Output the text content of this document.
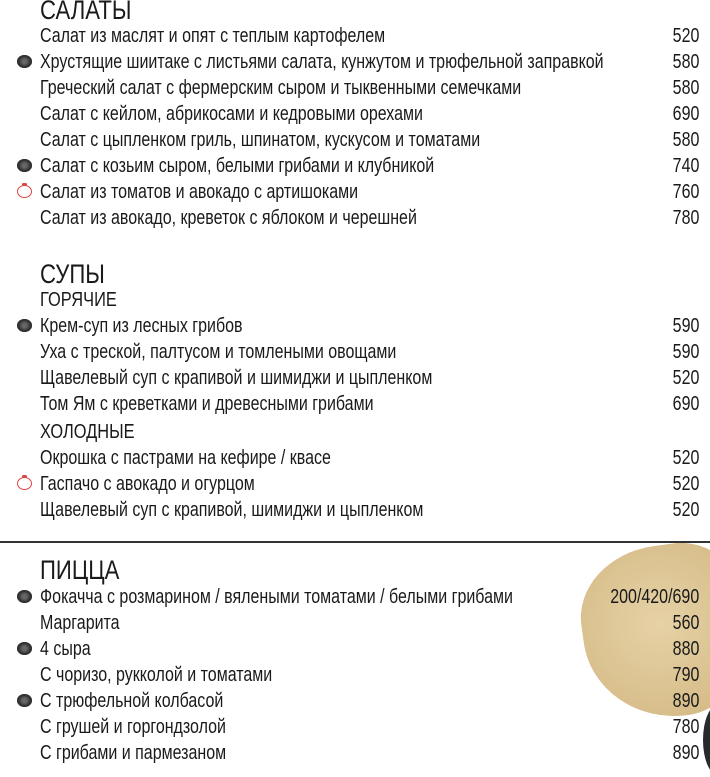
САЛАТЫ
Салат из маслят и опят с теплым картофелем	520
Хрустящие шиитаке с листьями салата, кунжутом и трюфельной заправкой	580
Греческий салат с фермерским сыром и тыквенными семечками	580
Салат с кейлом, абрикосами и кедровыми орехами	690
Салат с цыпленком гриль, шпинатом, кускусом и томатами	580
Салат с козьим сыром, белыми грибами и клубникой	740
Салат из томатов и авокадо с артишоками	760
Салат из авокадо, креветок с яблоком и черешней	780
СУПЫ
ГОРЯЧИЕ
Крем-суп из лесных грибов	590
Уха с треской, палтусом и томлеными овощами	590
Щавелевый суп с крапивой и шимиджи и цыпленком	520
Том Ям с креветками и древесными грибами	690
ХОЛОДНЫЕ
Окрошка с пастрами на кефире / квасе	520
Гаспачо с авокадо и огурцом	520
Щавелевый суп с крапивой, шимиджи и цыпленком	520
ПИЦЦА
Фокачча с розмарином / вялеными томатами / белыми грибами	200/420/690
Маргарита	560
4 сыра	880
С чоризо, рукколой и томатами	790
С трюфельной колбасой	890
С грушей и горгондзолой	780
С грибами и пармезаном	890
